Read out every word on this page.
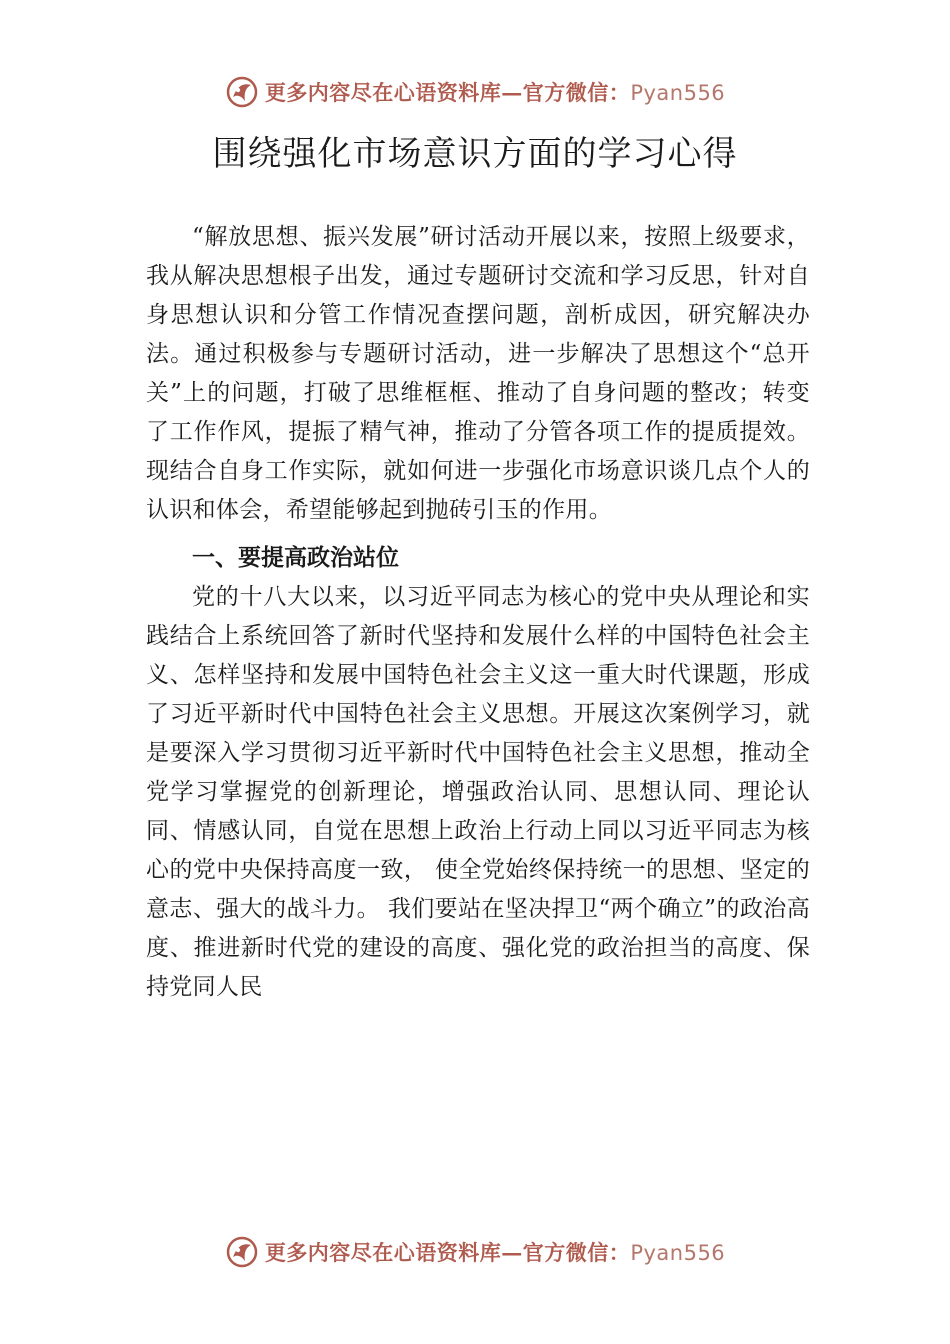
更多内容尽在心语资料库—官方微信：Pyan556
围绕强化市场意识方面的学习心得

“解放思想、振兴发展”研讨活动开展以来，按照上级要求，我从解决思想根子出发，通过专题研讨交流和学习反思，针对自身思想认识和分管工作情况查摆问题，剖析成因，研究解决办法。通过积极参与专题研讨活动，进一步解决了思想这个“总开关”上的问题，打破了思维框框、推动了自身问题的整改；转变了工作作风，提振了精气神，推动了分管各项工作的提质提效。现结合自身工作实际，就如何进一步强化市场意识谈几点个人的认识和体会，希望能够起到抛砖引玉的作用。

一、要提高政治站位

党的十八大以来，以习近平同志为核心的党中央从理论和实践结合上系统回答了新时代坚持和发展什么样的中国特色社会主义、怎样坚持和发展中国特色社会主义这一重大时代课题，形成了习近平新时代中国特色社会主义思想。开展这次案例学习，就是要深入学习贯彻习近平新时代中国特色社会主义思想，推动全党学习掌握党的创新理论，增强政治认同、思想认同、理论认同、情感认同，自觉在思想上政治上行动上同以习近平同志为核心的党中央保持高度一致， 使全党始终保持统一的思想、坚定的意志、强大的战斗力。 我们要站在坚决捍卫“两个确立”的政治高度、推进新时代党的建设的高度、强化党的政治担当的高度、保持党同人民

更多内容尽在心语资料库—官方微信：Pyan556
